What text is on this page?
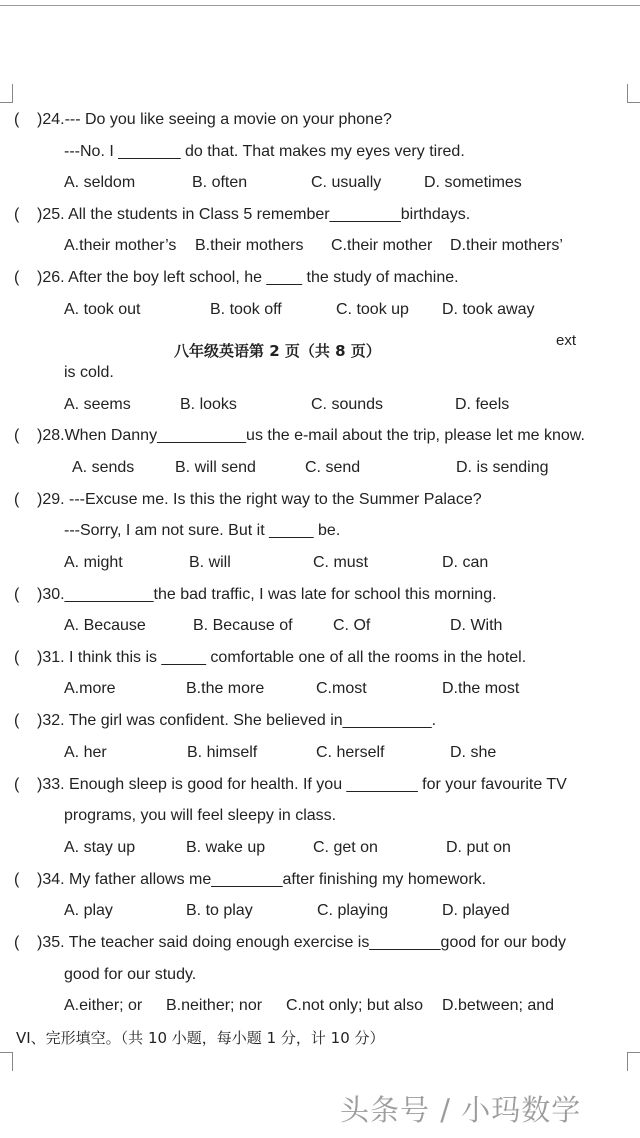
( )24.--- Do you like seeing a movie on your phone?
---No. I _______ do that. That makes my eyes very tired.
A. seldom	B. often	C. usually	D. sometimes
( )25. All the students in Class 5 remember________birthdays.
A.their mother’s B.their mothers C.their mother D.their mothers’
( )26. After the boy left school, he ____ the study of machine.
A. took out	B. took off	C. took up D. took away
八年级英语第 2 页（共 8 页）
ext
is cold.
A. seems	B. looks	C. sounds	D. feels
( )28.When Danny__________us the e-mail about the trip, please let me know.
A. sends	B. will send	C. send	D. is sending
( )29. ---Excuse me. Is this the right way to the Summer Palace?
---Sorry, I am not sure. But it _____ be.
A. might	B. will	C. must	D. can
( )30.__________the bad traffic, I was late for school this morning.
A. Because	B. Because of	C. Of	D. With
( )31. I think this is _____ comfortable one of all the rooms in the hotel.
A.more	B.the more	C.most	D.the most
( )32. The girl was confident. She believed in__________.
A. her	B. himself	C. herself	D. she
( )33. Enough sleep is good for health. If you ________ for your favourite TV
programs, you will feel sleepy in class.
A. stay up	B. wake up	C. get on	D. put on
( )34. My father allows me________after finishing my homework.
A. play	B. to play	C. playing	D. played
( )35. The teacher said doing enough exercise is________good for our body
good for our study.
A.either; or B.neither; nor C.not only; but also D.between; and
VI、完形填空。（共 10 小题，每小题 1 分，计 10 分）
头条号 / 小玛数学
